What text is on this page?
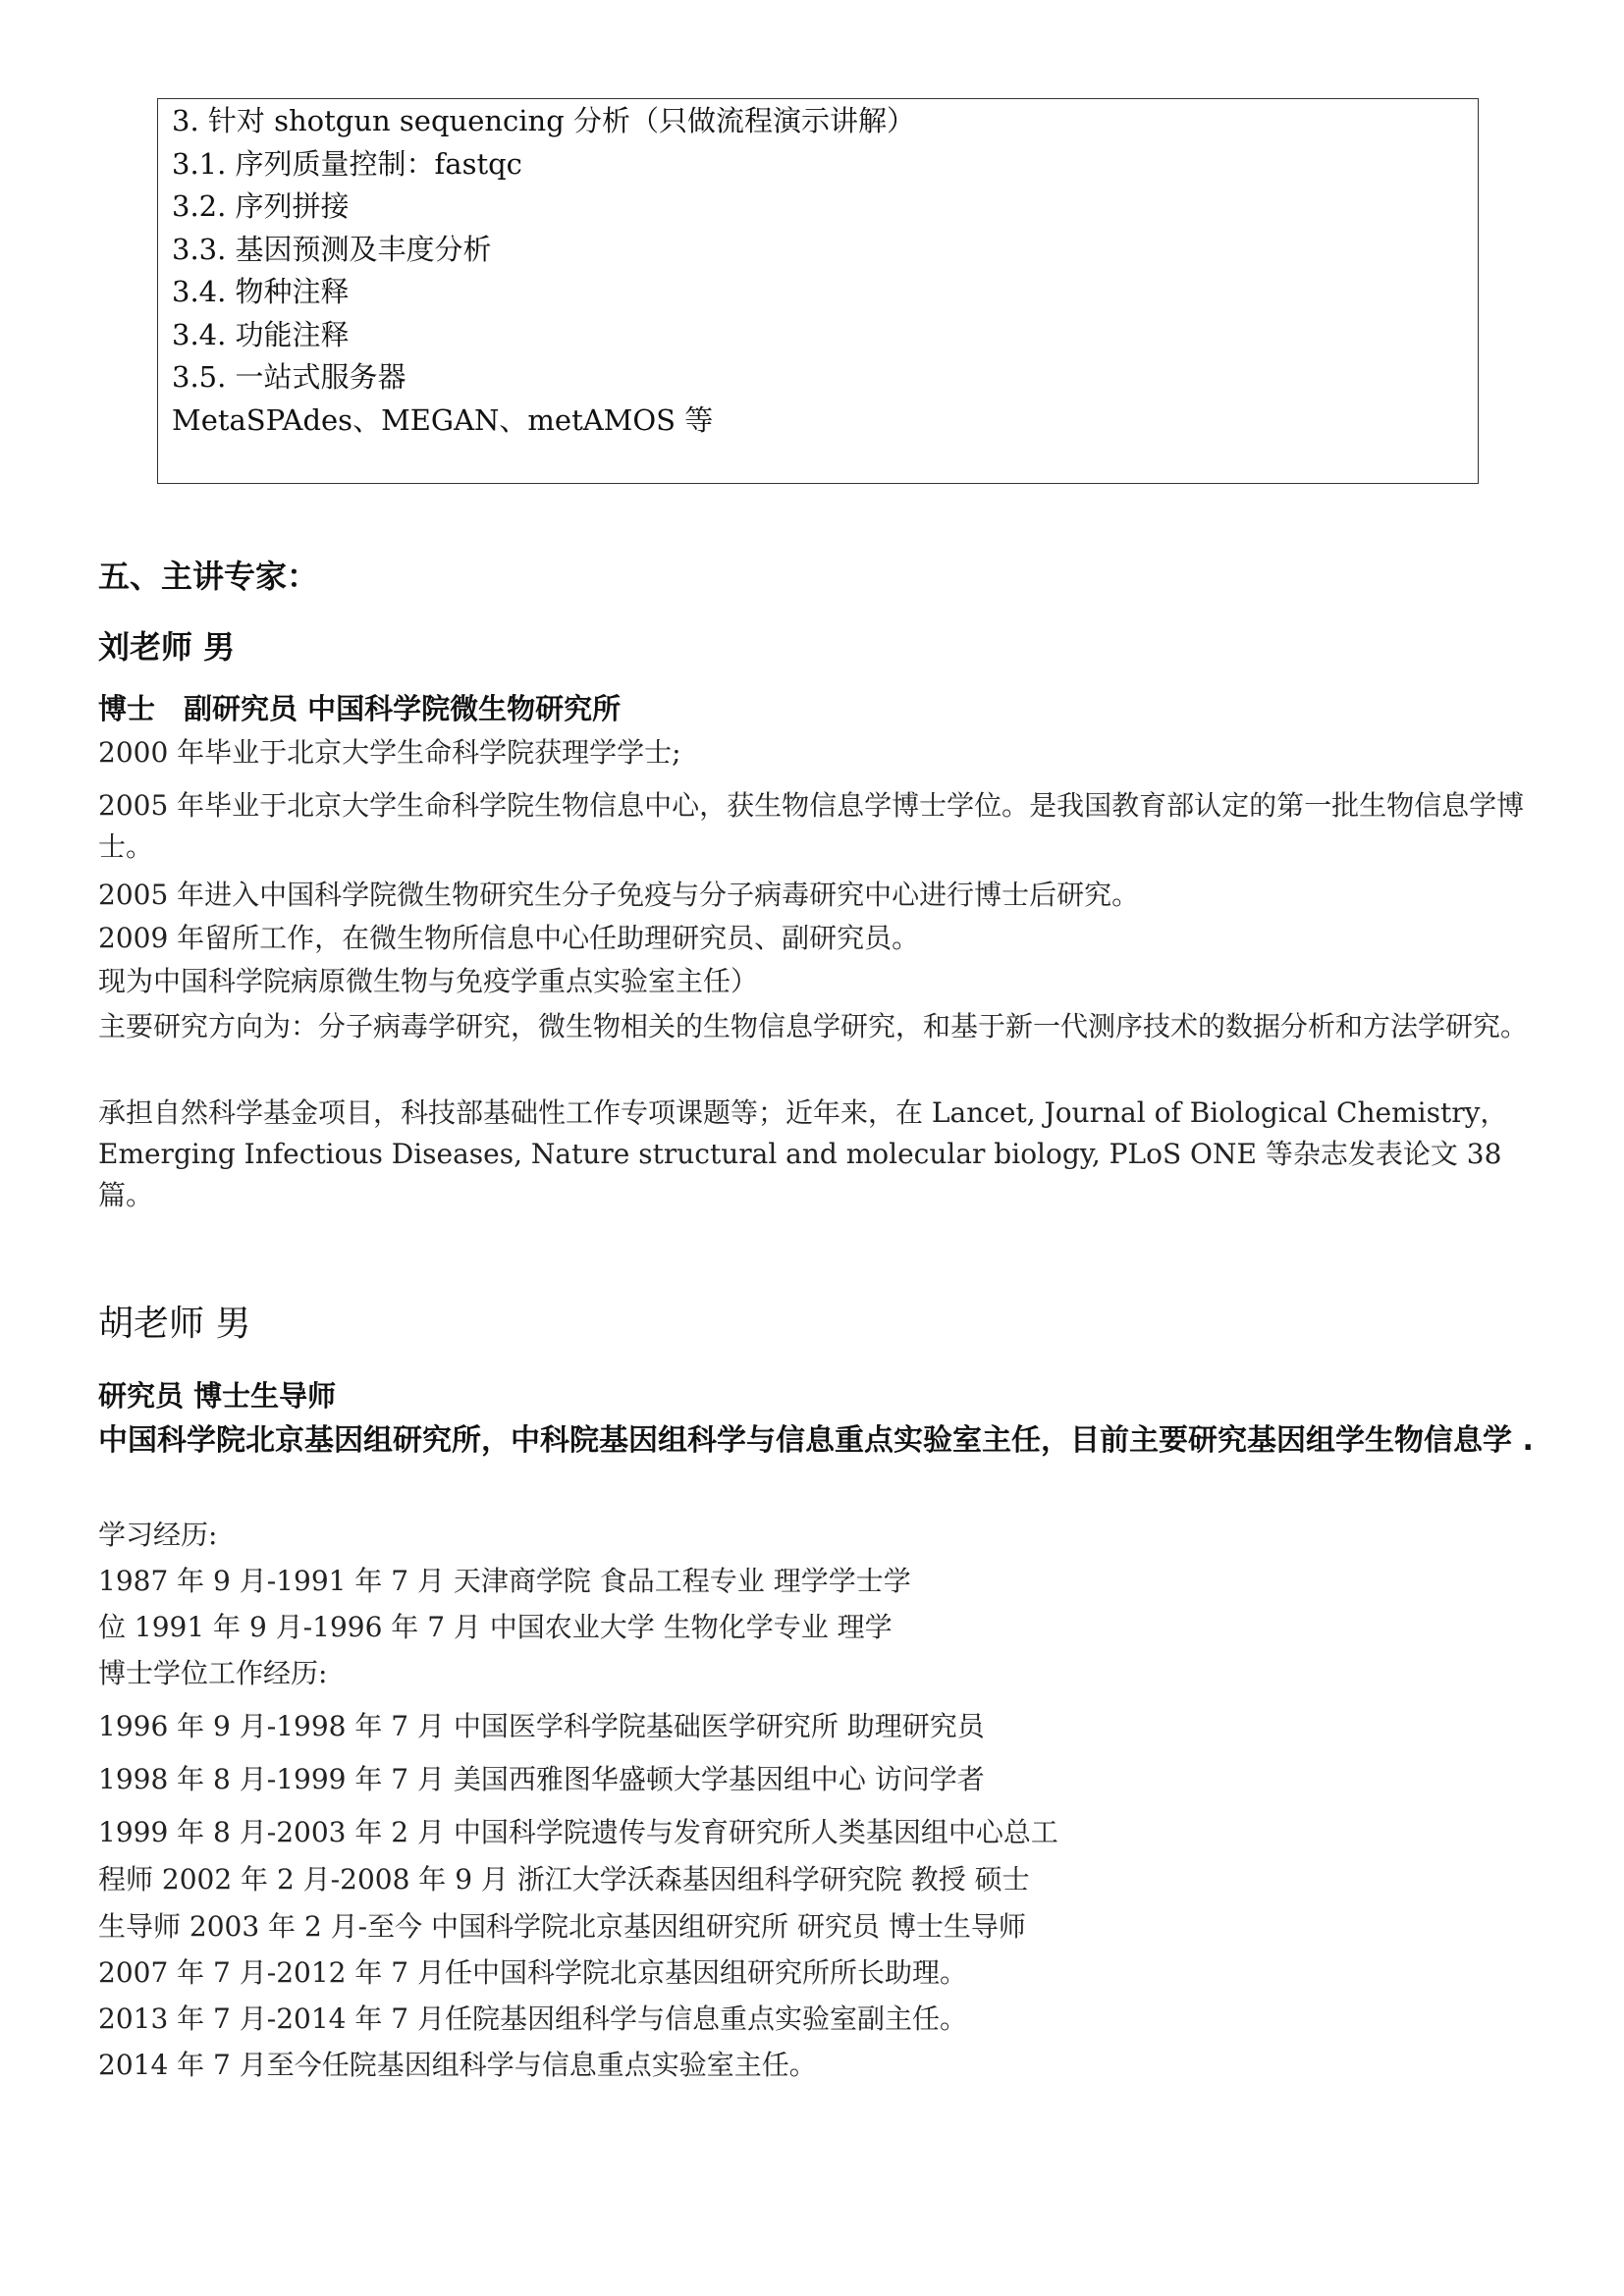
3. 针对 shotgun sequencing 分析（只做流程演示讲解）
3.1. 序列质量控制：fastqc
3.2. 序列拼接
3.3. 基因预测及丰度分析
3.4. 物种注释
3.4. 功能注释
3.5. 一站式服务器
MetaSPAdes、MEGAN、metAMOS 等
五、主讲专家：
刘老师 男
博士　副研究员 中国科学院微生物研究所
2000 年毕业于北京大学生命科学院获理学学士;
2005 年毕业于北京大学生命科学院生物信息中心，获生物信息学博士学位。是我国教育部认定的第一批生物信息学博士。
2005 年进入中国科学院微生物研究生分子免疫与分子病毒研究中心进行博士后研究。
2009 年留所工作，在微生物所信息中心任助理研究员、副研究员。
现为中国科学院病原微生物与免疫学重点实验室主任）
主要研究方向为：分子病毒学研究，微生物相关的生物信息学研究，和基于新一代测序技术的数据分析和方法学研究。
承担自然科学基金项目，科技部基础性工作专项课题等；近年来，在 Lancet, Journal of Biological Chemistry，Emerging Infectious Diseases, Nature structural and molecular biology, PLoS ONE 等杂志发表论文 38 篇。
胡老师 男
研究员 博士生导师
中国科学院北京基因组研究所，中科院基因组科学与信息重点实验室主任，目前主要研究基因组学生物信息学 .
学习经历:
1987 年 9 月-1991 年 7 月 天津商学院 食品工程专业 理学学士学
位 1991 年 9 月-1996 年 7 月 中国农业大学 生物化学专业 理学
博士学位工作经历:
1996 年 9 月-1998 年 7 月 中国医学科学院基础医学研究所 助理研究员
1998 年 8 月-1999 年 7 月 美国西雅图华盛顿大学基因组中心 访问学者
1999 年 8 月-2003 年 2 月 中国科学院遗传与发育研究所人类基因组中心总工
程师 2002 年 2 月-2008 年 9 月 浙江大学沃森基因组科学研究院 教授 硕士
生导师 2003 年 2 月-至今 中国科学院北京基因组研究所 研究员 博士生导师
2007 年 7 月-2012 年 7 月任中国科学院北京基因组研究所所长助理。
2013 年 7 月-2014 年 7 月任院基因组科学与信息重点实验室副主任。
2014 年 7 月至今任院基因组科学与信息重点实验室主任。
